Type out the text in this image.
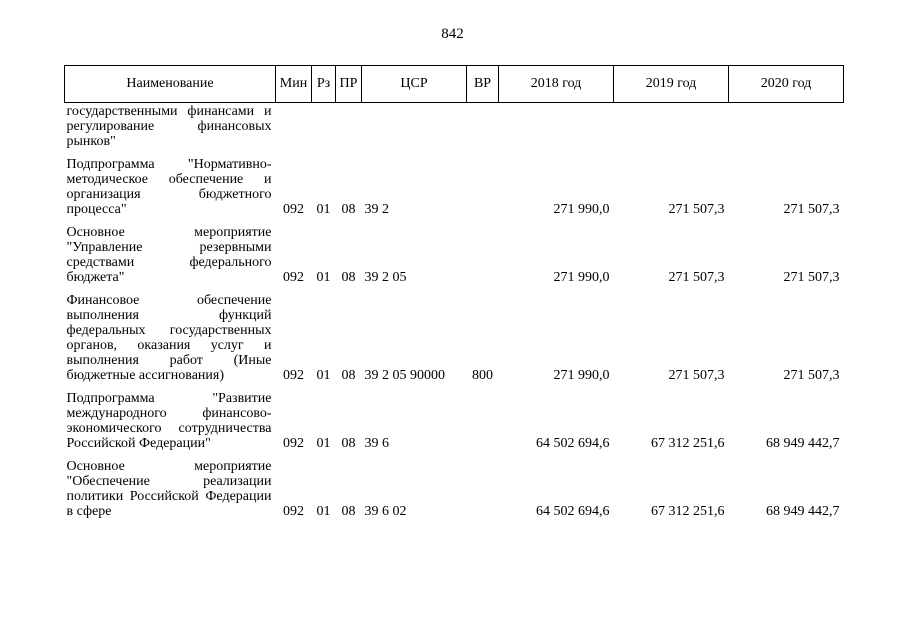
842
Наименование	Мин	Рз	ПР	ЦСР	ВР	2018 год	2019 год	2020 год

государственными финансами и регулирование финансовых рынков"								

Подпрограмма "Нормативно-методическое обеспечение и организация бюджетного процесса"	092	01	08	39 2		271 990,0	271 507,3	271 507,3

Основное мероприятие "Управление резервными средствами федерального бюджета"	092	01	08	39 2 05		271 990,0	271 507,3	271 507,3

Финансовое обеспечение выполнения функций федеральных государственных органов, оказания услуг и выполнения работ (Иные бюджетные ассигнования)	092	01	08	39 2 05 90000	800	271 990,0	271 507,3	271 507,3

Подпрограмма "Развитие международного финансово-экономического сотрудничества Российской Федерации"	092	01	08	39 6		64 502 694,6	67 312 251,6	68 949 442,7

Основное мероприятие "Обеспечение реализации политики Российской Федерации в сфере	092	01	08	39 6 02		64 502 694,6	67 312 251,6	68 949 442,7
